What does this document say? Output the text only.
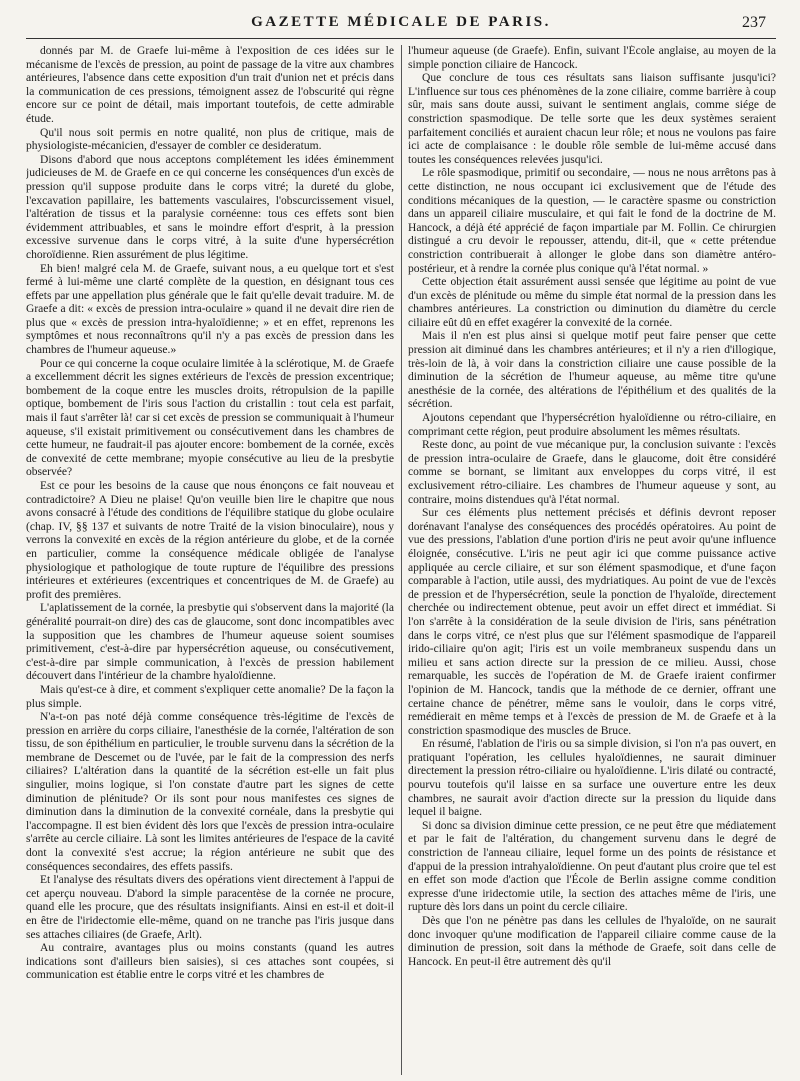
GAZETTE MÉDICALE DE PARIS.	237

donnés par M. de Graefe lui-même à l'exposition de ces idées sur le mécanisme de l'excès de pression, au point de passage de la vitre aux chambres antérieures, l'absence dans cette exposition d'un trait d'union net et précis dans la communication de ces pressions, témoignent assez de l'obscurité qui règne encore sur ce point de détail, mais important toutefois, de cette admirable étude.

Qu'il nous soit permis en notre qualité, non plus de critique, mais de physiologiste-mécanicien, d'essayer de combler ce desideratum.

Disons d'abord que nous acceptons complétement les idées éminemment judicieuses de M. de Graefe en ce qui concerne les conséquences d'un excès de pression qu'il suppose produite dans le corps vitré; la dureté du globe, l'excavation papillaire, les battements vasculaires, l'obscurcissement visuel, l'altération de tissus et la paralysie cornéenne: tous ces effets sont bien évidemment attribuables, et sans le moindre effort d'esprit, à la pression excessive survenue dans le corps vitré, à la suite d'une hypersécrétion choroïdienne. Rien assurément de plus légitime.

Eh bien! malgré cela M. de Graefe, suivant nous, a eu quelque tort et s'est fermé à lui-même une clarté complète de la question, en désignant tous ces effets par une appellation plus générale que le fait qu'elle devait traduire. M. de Graefe a dit: « excès de pression intra-oculaire » quand il ne devait dire rien de plus que « excès de pression intra-hyaloïdienne; » et en effet, reprenons les symptômes et nous reconnaîtrons qu'il n'y a pas excès de pression dans les chambres de l'humeur aqueuse.»

Pour ce qui concerne la coque oculaire limitée à la sclérotique, M. de Graefe a excellemment décrit les signes extérieurs de l'excès de pression excentrique; bombement de la coque entre les muscles droits, rétropulsion de la papille optique, bombement de l'iris sous l'action du cristallin : tout cela est parfait, mais il faut s'arrêter là! car si cet excès de pression se communiquait à l'humeur aqueuse, s'il existait primitivement ou consécutivement dans les chambres de cette humeur, ne faudrait-il pas ajouter encore: bombement de la cornée, excès de convexité de cette membrane; myopie consécutive au lieu de la presbytie observée?

Est ce pour les besoins de la cause que nous énonçons ce fait nouveau et contradictoire? A Dieu ne plaise! Qu'on veuille bien lire le chapitre que nous avons consacré à l'étude des conditions de l'équilibre statique du globe oculaire (chap. IV, §§ 137 et suivants de notre Traité de la vision binoculaire), nous y verrons la convexité en excès de la région antérieure du globe, et de la cornée en particulier, comme la conséquence médicale obligée de l'analyse physiologique et pathologique de toute rupture de l'équilibre des pressions intérieures et extérieures (excentriques et concentriques de M. de Graefe) au profit des premières.

L'aplatissement de la cornée, la presbytie qui s'observent dans la majorité (la généralité pourrait-on dire) des cas de glaucome, sont donc incompatibles avec la supposition que les chambres de l'humeur aqueuse soient soumises primitivement, c'est-à-dire par hypersécrétion aqueuse, ou consécutivement, c'est-à-dire par simple communication, à l'excès de pression habilement découvert dans l'intérieur de la chambre hyaloïdienne.

Mais qu'est-ce à dire, et comment s'expliquer cette anomalie? De la façon la plus simple.

N'a-t-on pas noté déjà comme conséquence très-légitime de l'excès de pression en arrière du corps ciliaire, l'anesthésie de la cornée, l'altération de son tissu, de son épithélium en particulier, le trouble survenu dans la sécrétion de la membrane de Descemet ou de l'uvée, par le fait de la compression des nerfs ciliaires? L'altération dans la quantité de la sécrétion est-elle un fait plus singulier, moins logique, si l'on constate d'autre part les signes de cette diminution de plénitude? Or ils sont pour nous manifestes ces signes de diminution dans la diminution de la convexité cornéale, dans la presbytie qui l'accompagne. Il est bien évident dès lors que l'excès de pression intra-oculaire s'arrête au cercle ciliaire. Là sont les limites antérieures de l'espace de la cavité dont la convexité s'est accrue; la région antérieure ne subit que des conséquences secondaires, des effets passifs.

Et l'analyse des résultats divers des opérations vient directement à l'appui de cet aperçu nouveau. D'abord la simple paracentèse de la cornée ne procure, quand elle les procure, que des résultats insignifiants. Ainsi en est-il et doit-il en être de l'iridectomie elle-même, quand on ne tranche pas l'iris jusque dans ses attaches ciliaires (de Graefe, Arlt).

Au contraire, avantages plus ou moins constants (quand les autres indications sont d'ailleurs bien saisies), si ces attaches sont coupées, si communication est établie entre le corps vitré et les chambres de

l'humeur aqueuse (de Graefe). Enfin, suivant l'École anglaise, au moyen de la simple ponction ciliaire de Hancock.

Que conclure de tous ces résultats sans liaison suffisante jusqu'ici? L'influence sur tous ces phénomènes de la zone ciliaire, comme barrière à coup sûr, mais sans doute aussi, suivant le sentiment anglais, comme siége de constriction spasmodique. De telle sorte que les deux systèmes seraient parfaitement conciliés et auraient chacun leur rôle; et nous ne voulons pas faire ici acte de complaisance : le double rôle semble de lui-même accusé dans toutes les conséquences relevées jusqu'ici.

Le rôle spasmodique, primitif ou secondaire, — nous ne nous arrêtons pas à cette distinction, ne nous occupant ici exclusivement que de l'étude des conditions mécaniques de la question, — le caractère spasme ou constriction dans un appareil ciliaire musculaire, et qui fait le fond de la doctrine de M. Hancock, a déjà été apprécié de façon impartiale par M. Follin. Ce chirurgien distingué a cru devoir le repousser, attendu, dit-il, que « cette prétendue constriction contribuerait à allonger le globe dans son diamètre antéro-postérieur, et à rendre la cornée plus conique qu'à l'état normal. »

Cette objection était assurément aussi sensée que légitime au point de vue d'un excès de plénitude ou même du simple état normal de la pression dans les chambres antérieures. La constriction ou diminution du diamètre du cercle ciliaire eût dû en effet exagérer la convexité de la cornée.

Mais il n'en est plus ainsi si quelque motif peut faire penser que cette pression ait diminué dans les chambres antérieures; et il n'y a rien d'illogique, très-loin de là, à voir dans la constriction ciliaire une cause possible de la diminution de la sécrétion de l'humeur aqueuse, au même titre qu'une anesthésie de la cornée, des altérations de l'épithélium et des qualités de la sécrétion.

Ajoutons cependant que l'hypersécrétion hyaloïdienne ou rétro-ciliaire, en comprimant cette région, peut produire absolument les mêmes résultats.

Reste donc, au point de vue mécanique pur, la conclusion suivante : l'excès de pression intra-oculaire de Graefe, dans le glaucome, doit être considéré comme se bornant, se limitant aux enveloppes du corps vitré, il est exclusivement rétro-ciliaire. Les chambres de l'humeur aqueuse y sont, au contraire, moins distendues qu'à l'état normal.

Sur ces éléments plus nettement précisés et définis devront reposer dorénavant l'analyse des conséquences des procédés opératoires. Au point de vue des pressions, l'ablation d'une portion d'iris ne peut avoir qu'une influence éloignée, consécutive. L'iris ne peut agir ici que comme puissance active appliquée au cercle ciliaire, et sur son élément spasmodique, et d'une façon comparable à l'action, utile aussi, des mydriatiques. Au point de vue de l'excès de pression et de l'hypersécrétion, seule la ponction de l'hyaloïde, directement cherchée ou indirectement obtenue, peut avoir un effet direct et immédiat. Si l'on s'arrête à la considération de la seule division de l'iris, sans pénétration dans le corps vitré, ce n'est plus que sur l'élément spasmodique de l'appareil irido-ciliaire qu'on agit; l'iris est un voile membraneux suspendu dans un milieu et sans action directe sur la pression de ce milieu. Aussi, chose remarquable, les succès de l'opération de M. de Graefe iraient confirmer l'opinion de M. Hancock, tandis que la méthode de ce dernier, offrant une certaine chance de pénétrer, même sans le vouloir, dans le corps vitré, remédierait en même temps et à l'excès de pression de M. de Graefe et à la constriction spasmodique des muscles de Bruce.

En résumé, l'ablation de l'iris ou sa simple division, si l'on n'a pas ouvert, en pratiquant l'opération, les cellules hyaloïdiennes, ne saurait diminuer directement la pression rétro-ciliaire ou hyaloïdienne. L'iris dilaté ou contracté, pourvu toutefois qu'il laisse en sa surface une ouverture entre les deux chambres, ne saurait avoir d'action directe sur la pression du liquide dans lequel il baigne.

Si donc sa division diminue cette pression, ce ne peut être que médiatement et par le fait de l'altération, du changement survenu dans le degré de constriction de l'anneau ciliaire, lequel forme un des points de résistance et d'appui de la pression intrahyaloïdienne. On peut d'autant plus croire que tel est en effet son mode d'action que l'École de Berlin assigne comme condition expresse d'une iridectomie utile, la section des attaches même de l'iris, une rupture dès lors dans un point du cercle ciliaire.

Dès que l'on ne pénètre pas dans les cellules de l'hyaloïde, on ne saurait donc invoquer qu'une modification de l'appareil ciliaire comme cause de la diminution de pression, soit dans la méthode de Graefe, soit dans celle de Hancock. En peut-il être autrement dès qu'il
